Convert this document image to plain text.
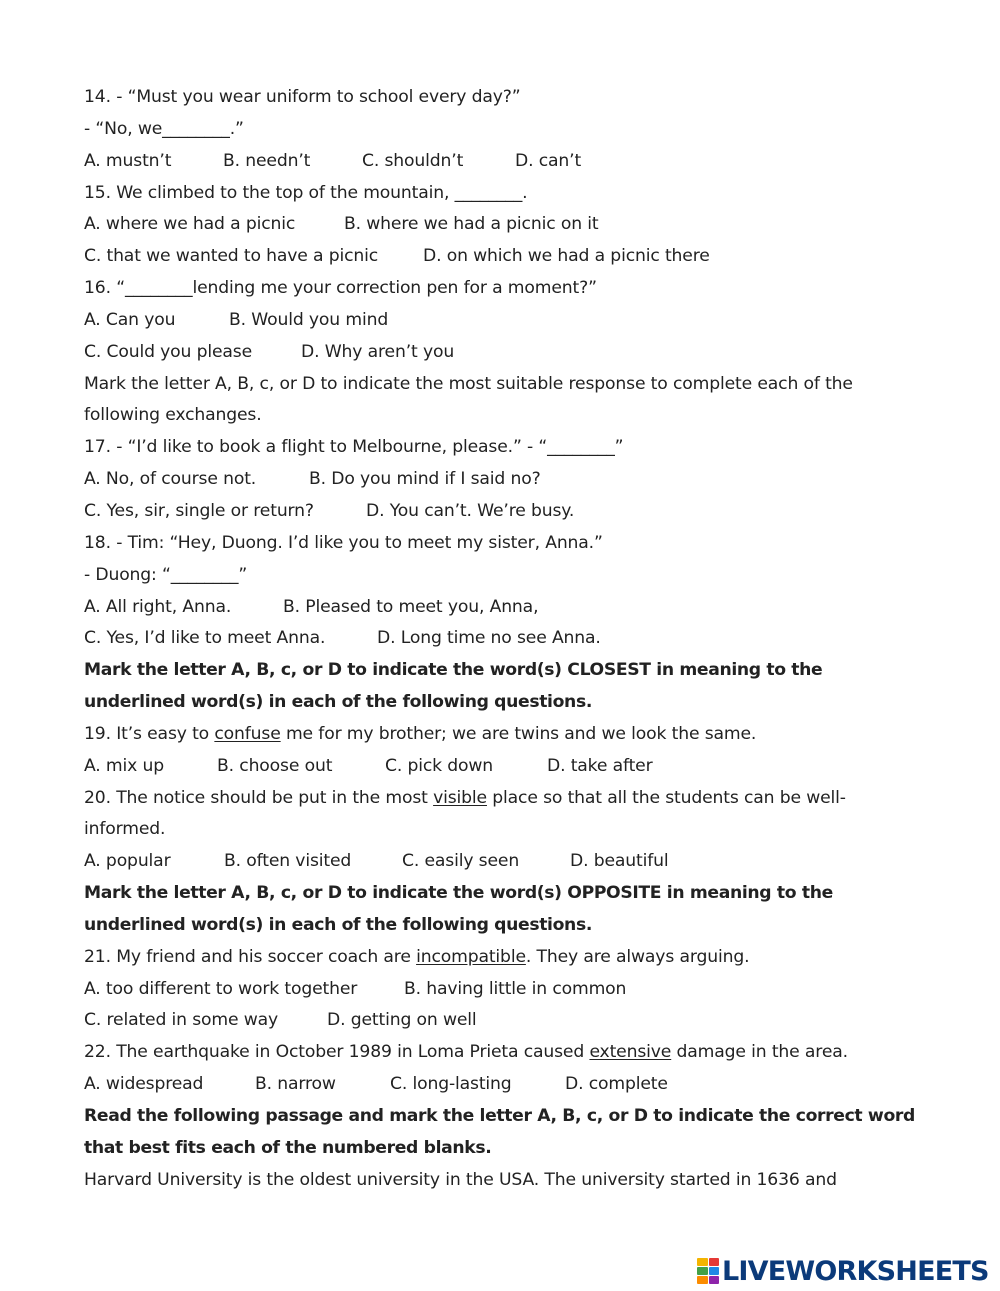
14. - “Must you wear uniform to school every day?”
- “No, we________.”
A. mustn’t	B. needn’t	C. shouldn’t	D. can’t
15. We climbed to the top of the mountain, ________.
A. where we had a picnic	B. where we had a picnic on it
C. that we wanted to have a picnic	D. on which we had a picnic there
16. “________lending me your correction pen for a moment?”
A. Can you	B. Would you mind
C. Could you please	D. Why aren’t you
Mark the letter A, B, c, or D to indicate the most suitable response to complete each of the
following exchanges.
17. - “I’d like to book a flight to Melbourne, please.” - “________”
A. No, of course not.	B. Do you mind if I said no?
C. Yes, sir, single or return?	D. You can’t. We’re busy.
18. - Tim: “Hey, Duong. I’d like you to meet my sister, Anna.”
- Duong: “________”
A. All right, Anna.	B. Pleased to meet you, Anna,
C. Yes, I’d like to meet Anna.	D. Long time no see Anna.
Mark the letter A, B, c, or D to indicate the word(s) CLOSEST in meaning to the
underlined word(s) in each of the following questions.
19. It’s easy to confuse me for my brother; we are twins and we look the same.
A. mix up	B. choose out	C. pick down	D. take after
20. The notice should be put in the most visible place so that all the students can be well-
informed.
A. popular	B. often visited	C. easily seen	D. beautiful
Mark the letter A, B, c, or D to indicate the word(s) OPPOSITE in meaning to the
underlined word(s) in each of the following questions.
21. My friend and his soccer coach are incompatible. They are always arguing.
A. too different to work together	B. having little in common
C. related in some way	D. getting on well
22. The earthquake in October 1989 in Loma Prieta caused extensive damage in the area.
A. widespread	B. narrow	C. long-lasting	D. complete
Read the following passage and mark the letter A, B, c, or D to indicate the correct word
that best fits each of the numbered blanks.
Harvard University is the oldest university in the USA. The university started in 1636 and
LIVEWORKSHEETS
